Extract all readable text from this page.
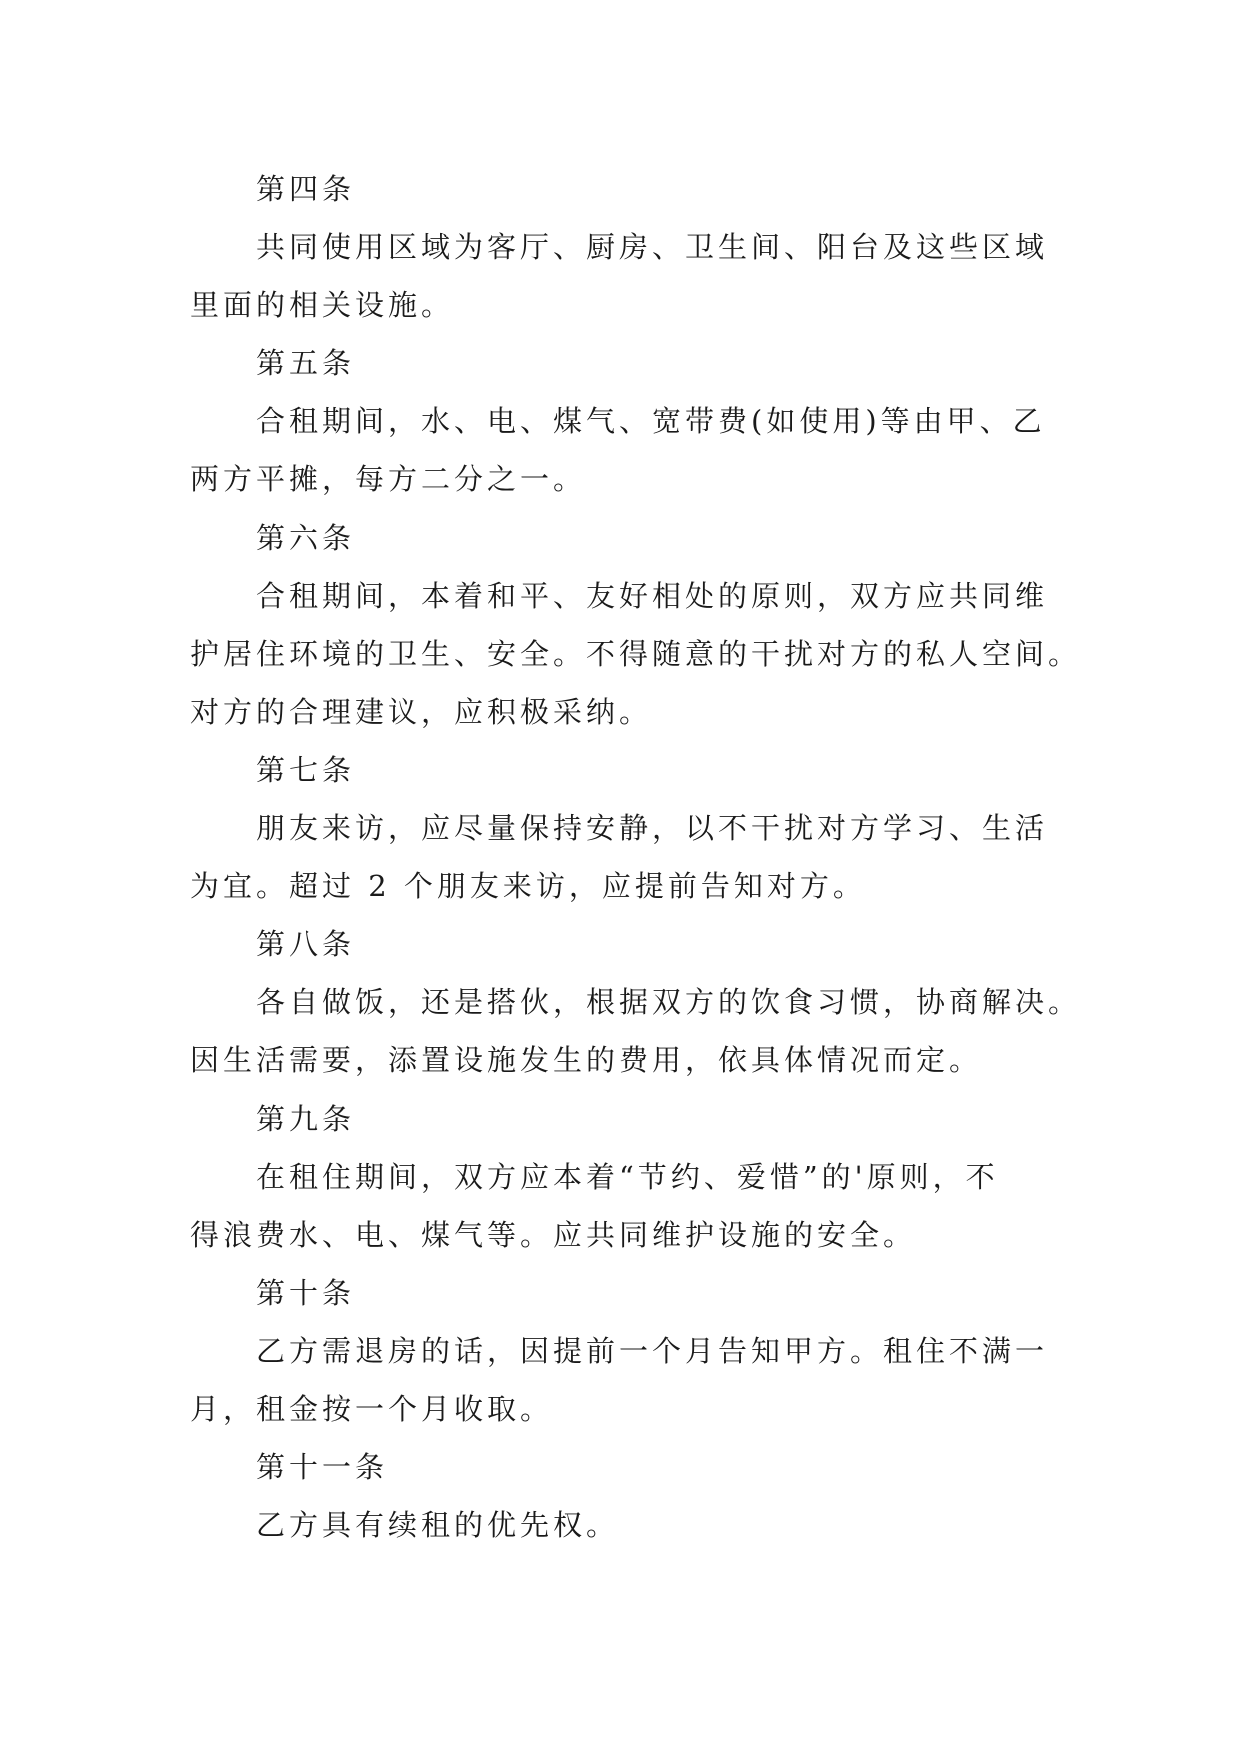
第四条
共同使用区域为客厅、厨房、卫生间、阳台及这些区域
里面的相关设施。
第五条
合租期间，水、电、煤气、宽带费(如使用)等由甲、乙
两方平摊，每方二分之一。
第六条
合租期间，本着和平、友好相处的原则，双方应共同维
护居住环境的卫生、安全。不得随意的干扰对方的私人空间。
对方的合理建议，应积极采纳。
第七条
朋友来访，应尽量保持安静，以不干扰对方学习、生活
为宜。超过 2 个朋友来访，应提前告知对方。
第八条
各自做饭，还是搭伙，根据双方的饮食习惯，协商解决。
因生活需要，添置设施发生的费用，依具体情况而定。
第九条
在租住期间，双方应本着“节约、爱惜”的'原则，不
得浪费水、电、煤气等。应共同维护设施的安全。
第十条
乙方需退房的话，因提前一个月告知甲方。租住不满一
月，租金按一个月收取。
第十一条
乙方具有续租的优先权。
